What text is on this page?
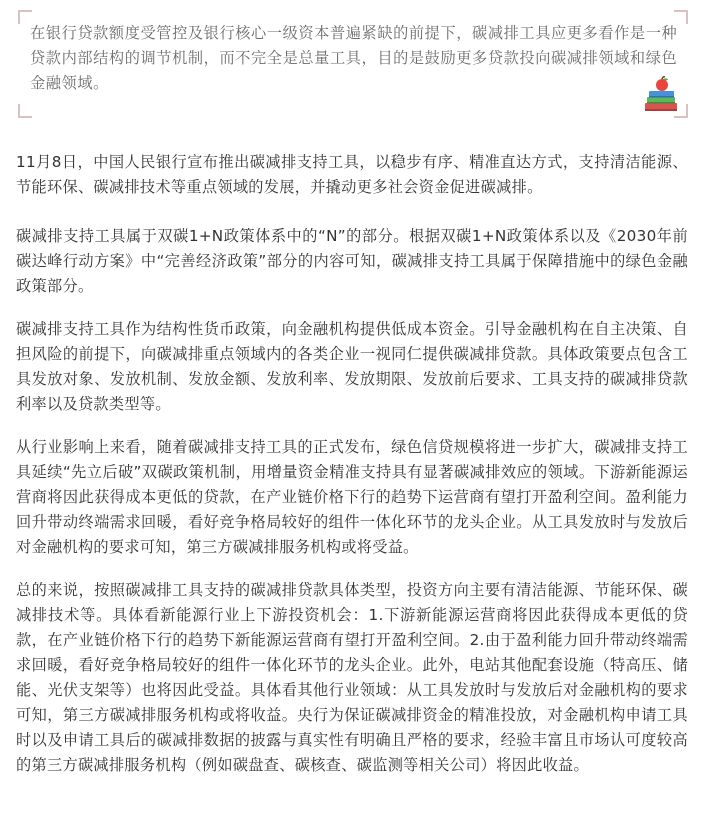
在银行贷款额度受管控及银行核心一级资本普遍紧缺的前提下，碳减排工具应更多看作是一种贷款内部结构的调节机制，而不完全是总量工具，目的是鼓励更多贷款投向碳减排领域和绿色金融领域。

11月8日，中国人民银行宣布推出碳减排支持工具，以稳步有序、精准直达方式，支持清洁能源、节能环保、碳减排技术等重点领域的发展，并撬动更多社会资金促进碳减排。

碳减排支持工具属于双碳1+N政策体系中的“N”的部分。根据双碳1+N政策体系以及《2030年前碳达峰行动方案》中“完善经济政策”部分的内容可知，碳减排支持工具属于保障措施中的绿色金融政策部分。

碳减排支持工具作为结构性货币政策，向金融机构提供低成本资金。引导金融机构在自主决策、自担风险的前提下，向碳减排重点领域内的各类企业一视同仁提供碳减排贷款。具体政策要点包含工具发放对象、发放机制、发放金额、发放利率、发放期限、发放前后要求、工具支持的碳减排贷款利率以及贷款类型等。

从行业影响上来看，随着碳减排支持工具的正式发布，绿色信贷规模将进一步扩大，碳减排支持工具延续“先立后破”双碳政策机制，用增量资金精准支持具有显著碳减排效应的领域。下游新能源运营商将因此获得成本更低的贷款，在产业链价格下行的趋势下运营商有望打开盈利空间。盈利能力回升带动终端需求回暖，看好竞争格局较好的组件一体化环节的龙头企业。从工具发放时与发放后对金融机构的要求可知，第三方碳减排服务机构或将受益。

总的来说，按照碳减排工具支持的碳减排贷款具体类型，投资方向主要有清洁能源、节能环保、碳减排技术等。具体看新能源行业上下游投资机会：1.下游新能源运营商将因此获得成本更低的贷款，在产业链价格下行的趋势下新能源运营商有望打开盈利空间。2.由于盈利能力回升带动终端需求回暖，看好竞争格局较好的组件一体化环节的龙头企业。此外，电站其他配套设施（特高压、储能、光伏支架等）也将因此受益。具体看其他行业领域：从工具发放时与发放后对金融机构的要求可知，第三方碳减排服务机构或将收益。央行为保证碳减排资金的精准投放，对金融机构申请工具时以及申请工具后的碳减排数据的披露与真实性有明确且严格的要求，经验丰富且市场认可度较高的第三方碳减排服务机构（例如碳盘查、碳核查、碳监测等相关公司）将因此收益。
